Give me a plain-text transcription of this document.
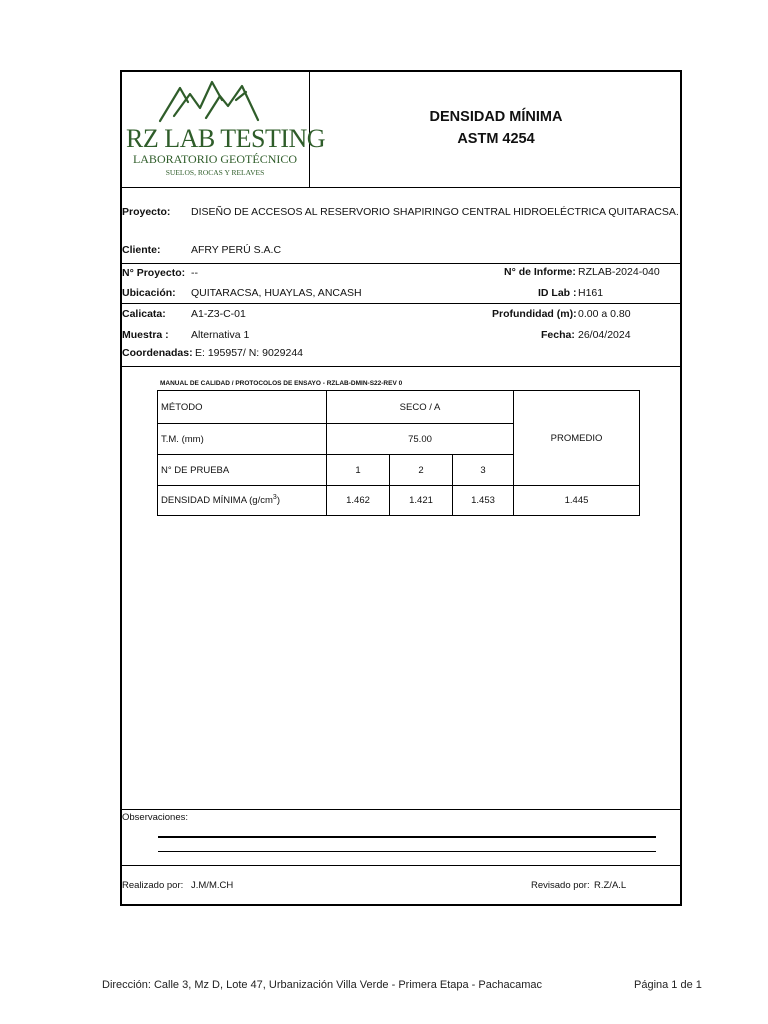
RZ LAB TESTING
LABORATORIO GEOTÉCNICO
SUELOS, ROCAS Y RELAVES
DENSIDAD MÍNIMA
ASTM 4254
Proyecto: DISEÑO DE ACCESOS AL RESERVORIO SHAPIRINGO CENTRAL HIDROELÉCTRICA QUITARACSA.
Cliente:	AFRY PERÚ S.A.C
N° Proyecto: --	N° de Informe: RZLAB-2024-040
Ubicación: QUITARACSA, HUAYLAS, ANCASH	ID Lab : H161
Calicata: A1-Z3-C-01	Profundidad (m): 0.00 a 0.80
Muestra : Alternativa 1	Fecha: 26/04/2024
Coordenadas: E: 195957/ N: 9029244
MANUAL DE CALIDAD / PROTOCOLOS DE ENSAYO - RZLAB-DMIN-S22-REV 0
MÉTODO	SECO / A			PROMEDIO
T.M. (mm)	75.00			
N° DE PRUEBA	1	2	3	
DENSIDAD MÍNIMA $(g/cm^3)$	1.462	1.421	1.453	1.445
Observaciones:
Realizado por: J.M/M.CH	Revisado por: R.Z/A.L
Dirección: Calle 3, Mz D, Lote 47, Urbanización Villa Verde - Primera Etapa - Pachacamac	Página 1 de 1
